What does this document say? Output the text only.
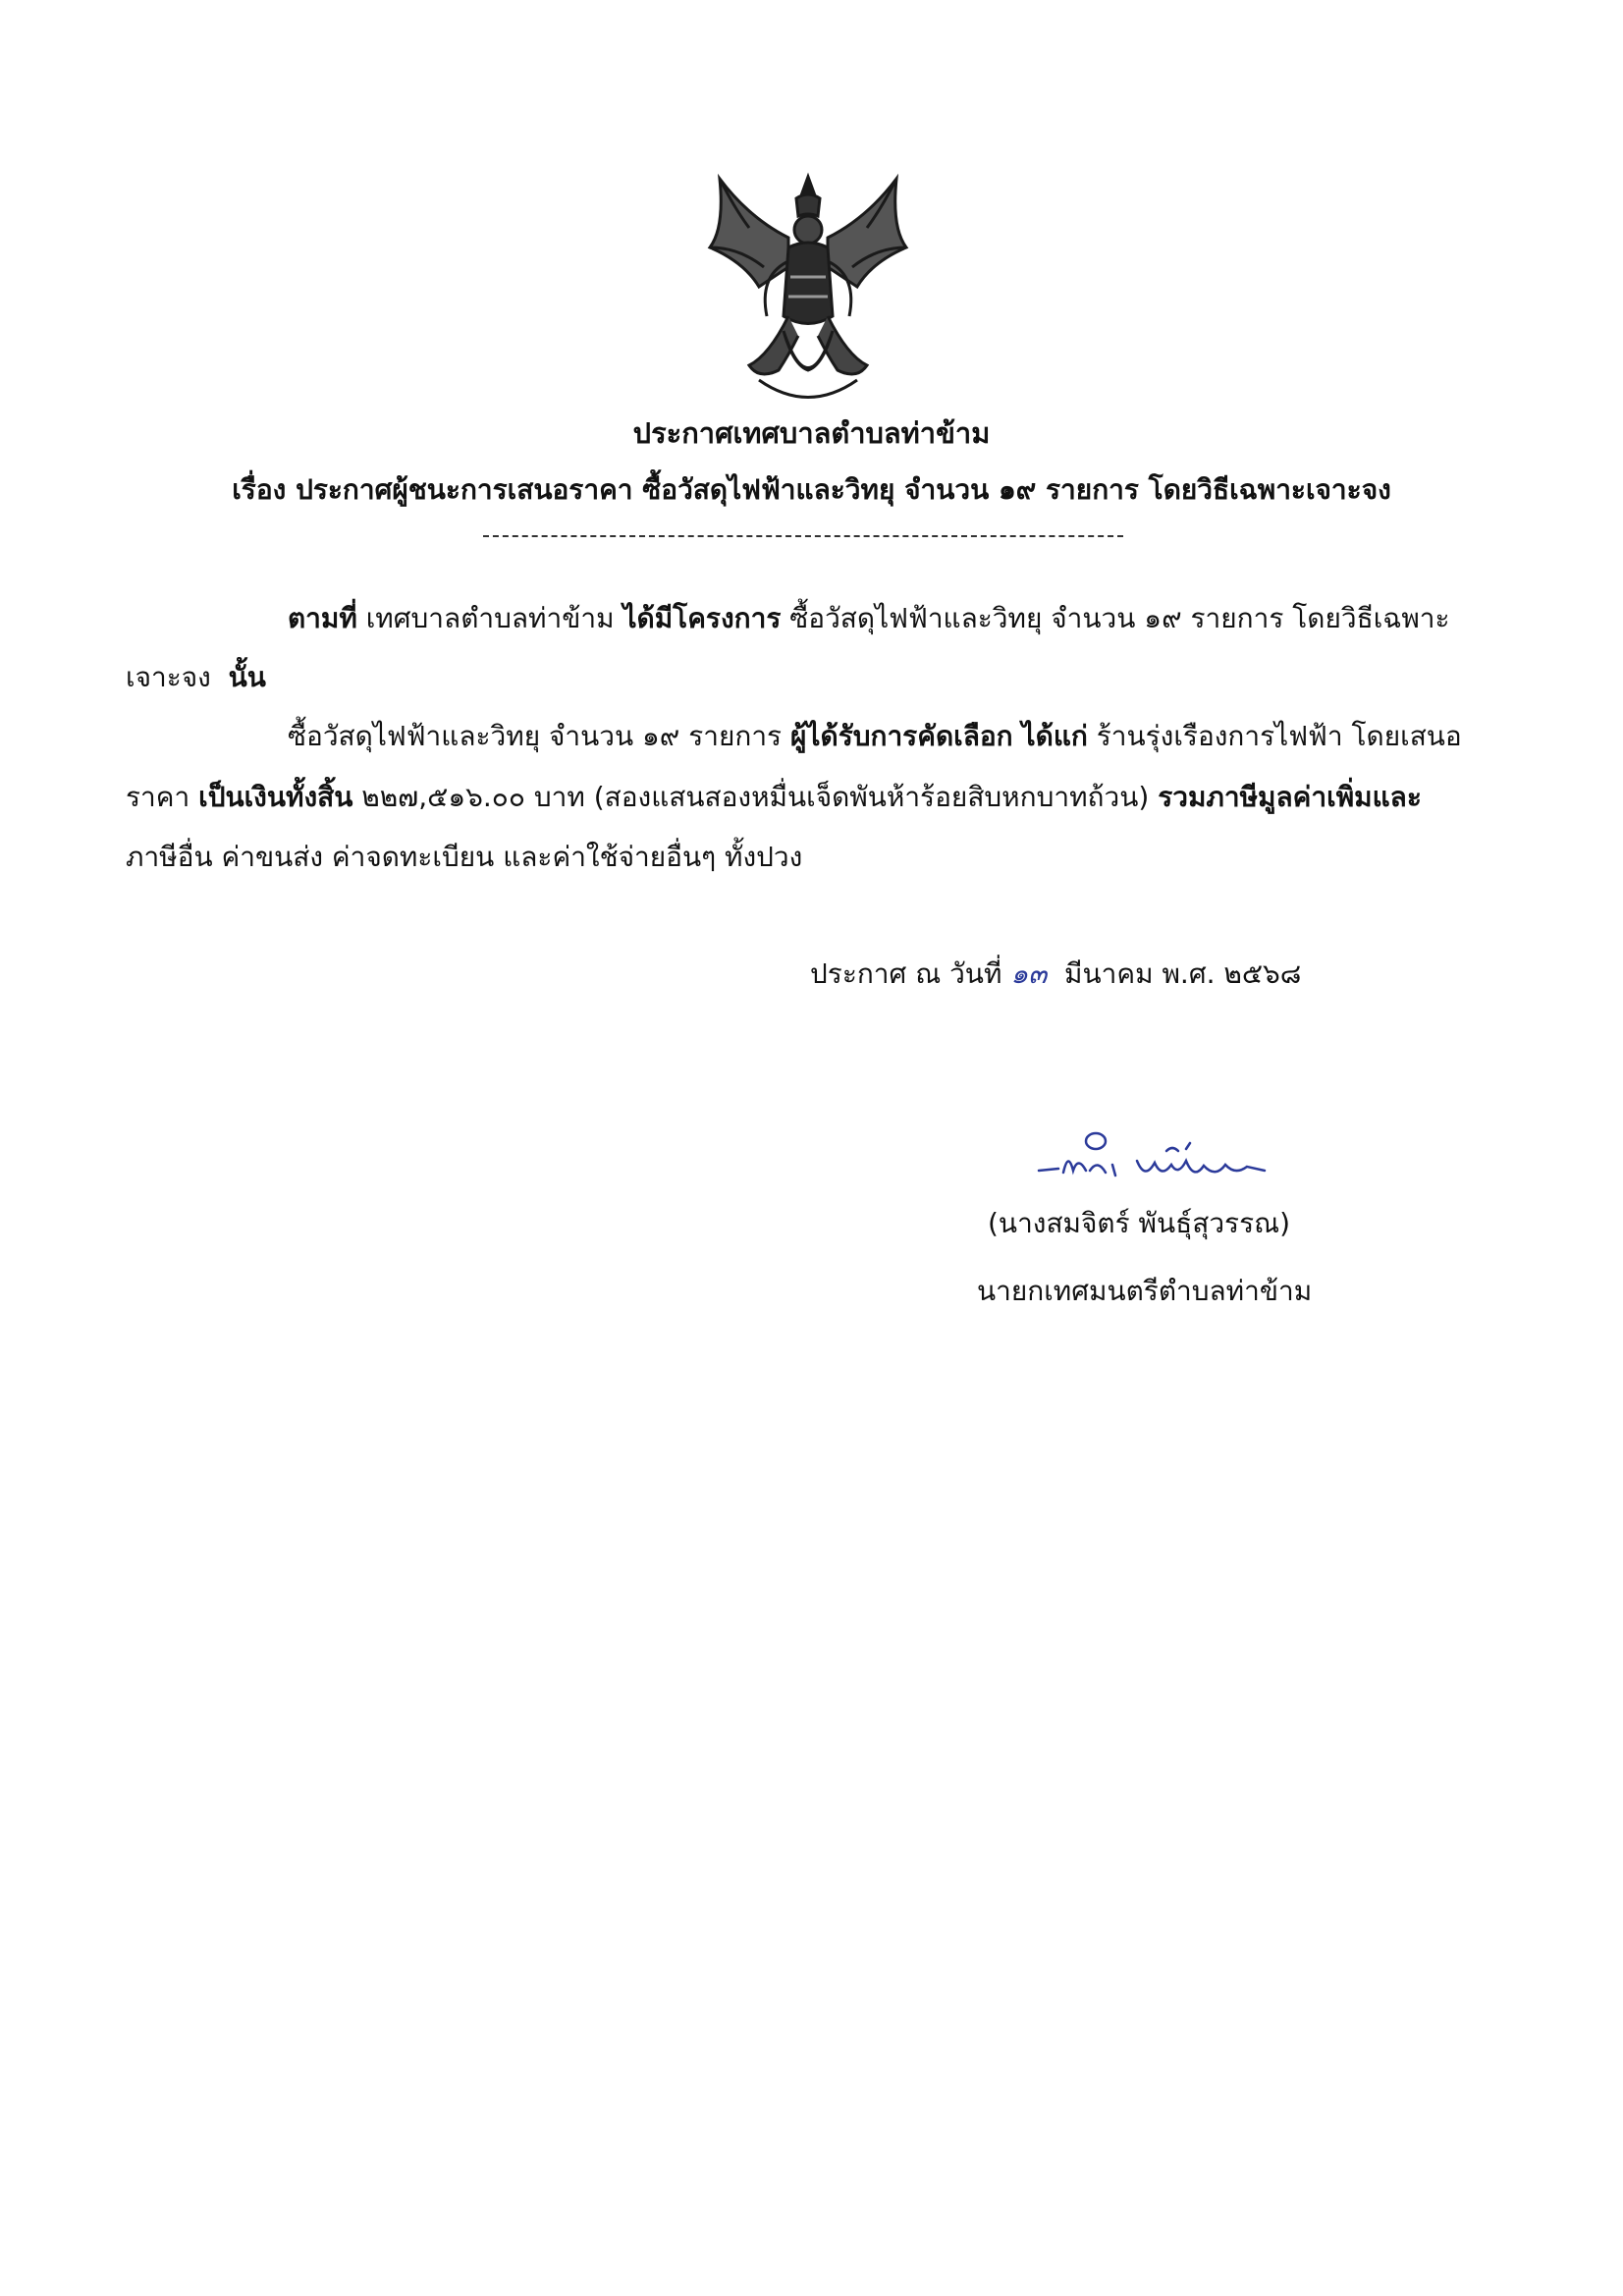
ประกาศเทศบาลตำบลท่าข้าม
เรื่อง ประกาศผู้ชนะการเสนอราคา ซื้อวัสดุไฟฟ้าและวิทยุ จำนวน ๑๙ รายการ โดยวิธีเฉพาะเจาะจง
ตามที่ เทศบาลตำบลท่าข้าม ได้มีโครงการ ซื้อวัสดุไฟฟ้าและวิทยุ จำนวน ๑๙ รายการ โดยวิธีเฉพาะ
เจาะจง นั้น
ซื้อวัสดุไฟฟ้าและวิทยุ จำนวน ๑๙ รายการ ผู้ได้รับการคัดเลือก ได้แก่ ร้านรุ่งเรืองการไฟฟ้า โดยเสนอ
ราคา เป็นเงินทั้งสิ้น ๒๒๗,๕๑๖.๐๐ บาท (สองแสนสองหมื่นเจ็ดพันห้าร้อยสิบหกบาทถ้วน) รวมภาษีมูลค่าเพิ่มและ
ภาษีอื่น ค่าขนส่ง ค่าจดทะเบียน และค่าใช้จ่ายอื่นๆ ทั้งปวง
ประกาศ ณ วันที่ ๑๓ มีนาคม พ.ศ. ๒๕๖๘
(นางสมจิตร์ พันธุ์สุวรรณ)
นายกเทศมนตรีตำบลท่าข้าม
